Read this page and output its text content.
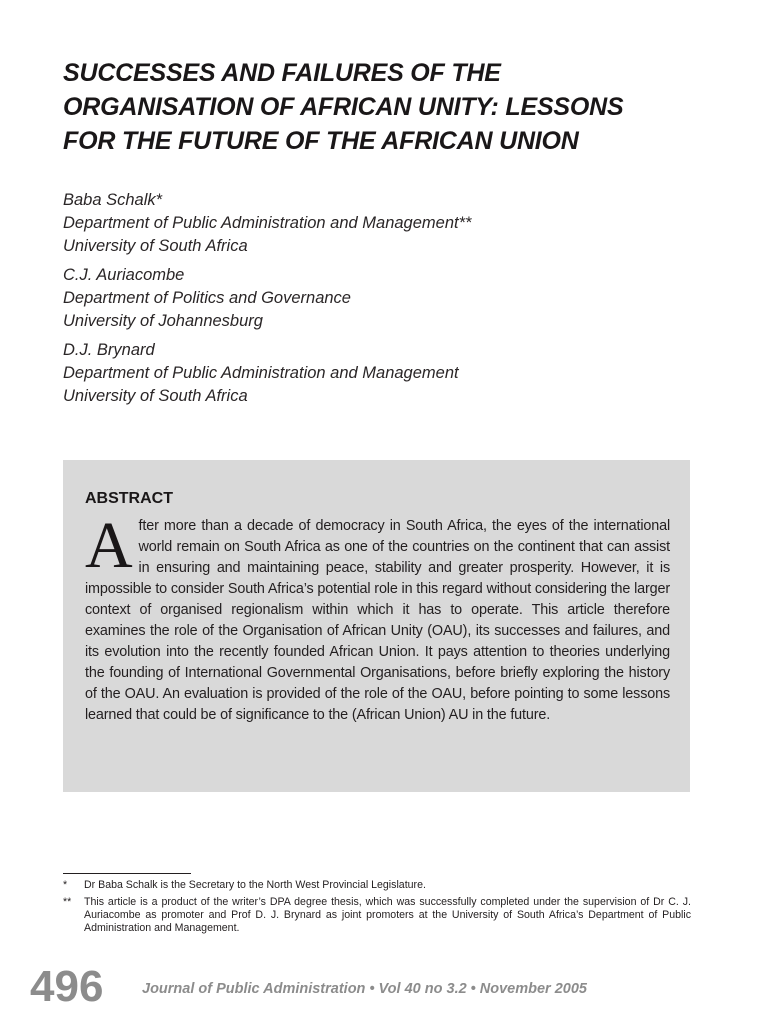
SUCCESSES AND FAILURES OF THE
ORGANISATION OF AFRICAN UNITY: LESSONS
FOR THE FUTURE OF THE AFRICAN UNION
Baba Schalk*
Department of Public Administration and Management**
University of South Africa
C.J. Auriacombe
Department of Politics and Governance
University of Johannesburg
D.J. Brynard
Department of Public Administration and Management
University of South Africa
ABSTRACT

After more than a decade of democracy in South Africa, the eyes of the international world remain on South Africa as one of the countries on the continent that can assist in ensuring and maintaining peace, stability and greater prosperity. However, it is impossible to consider South Africa’s potential role in this regard without considering the larger context of organised regionalism within which it has to operate. This article therefore examines the role of the Organisation of African Unity (OAU), its successes and failures, and its evolution into the recently founded African Union. It pays attention to theories underlying the founding of International Governmental Organisations, before briefly exploring the history of the OAU. An evaluation is provided of the role of the OAU, before pointing to some lessons learned that could be of significance to the (African Union) AU in the future.

*	Dr Baba Schalk is the Secretary to the North West Provincial Legislature.
**	This article is a product of the writer’s DPA degree thesis, which was successfully completed under the supervision of Dr C. J. Auriacombe as promoter and Prof D. J. Brynard as joint promoters at the University of South Africa’s Department of Public Administration and Management.
496	Journal of Public Administration • Vol 40 no 3.2 • November 2005
